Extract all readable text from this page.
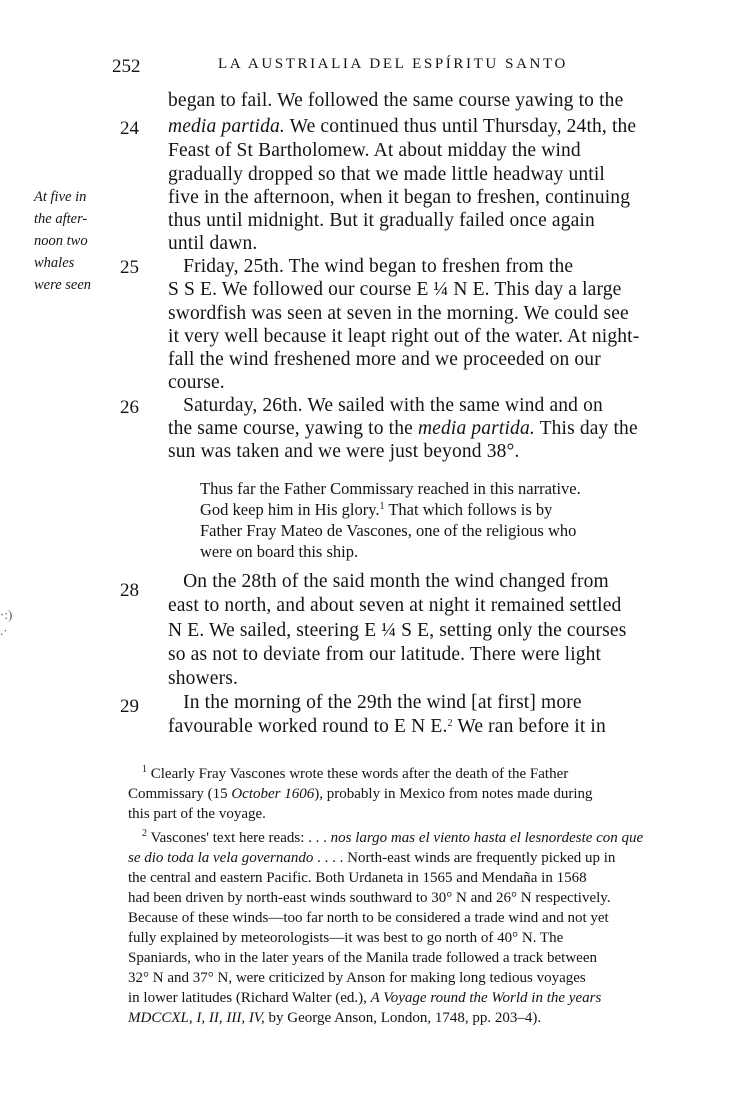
252	LA AUSTRIALIA DEL ESPÍRITU SANTO
At five in
the after-
noon two
whales
were seen
·:)
.·
24
25
26
28
29
began to fail. We followed the same course yawing to the
media partida. We continued thus until Thursday, 24th, the
Feast of St Bartholomew. At about midday the wind
gradually dropped so that we made little headway until
five in the afternoon, when it began to freshen, continuing
thus until midnight. But it gradually failed once again
until dawn.
Friday, 25th. The wind began to freshen from the
S S E. We followed our course E ¼ N E. This day a large
swordfish was seen at seven in the morning. We could see
it very well because it leapt right out of the water. At night-
fall the wind freshened more and we proceeded on our
course.
Saturday, 26th. We sailed with the same wind and on
the same course, yawing to the media partida. This day the
sun was taken and we were just beyond 38°.
Thus far the Father Commissary reached in this narrative.
God keep him in His glory.$^1$ That which follows is by
Father Fray Mateo de Vascones, one of the religious who
were on board this ship.
On the 28th of the said month the wind changed from
east to north, and about seven at night it remained settled
N E. We sailed, steering E ¼ S E, setting only the courses
so as not to deviate from our latitude. There were light
showers.
In the morning of the 29th the wind [at first] more
favourable worked round to E N E.$^2$ We ran before it in
$^1$ Clearly Fray Vascones wrote these words after the death of the Father
Commissary (15 October 1606), probably in Mexico from notes made during
this part of the voyage.
$^2$ Vascones' text here reads: . . . nos largo mas el viento hasta el lesnordeste con que
se dio toda la vela governando . . . . North-east winds are frequently picked up in
the central and eastern Pacific. Both Urdaneta in 1565 and Mendaña in 1568
had been driven by north-east winds southward to 30° N and 26° N respectively.
Because of these winds—too far north to be considered a trade wind and not yet
fully explained by meteorologists—it was best to go north of 40° N. The
Spaniards, who in the later years of the Manila trade followed a track between
32° N and 37° N, were criticized by Anson for making long tedious voyages
in lower latitudes (Richard Walter (ed.), A Voyage round the World in the years
MDCCXL, I, II, III, IV, by George Anson, London, 1748, pp. 203–4).
